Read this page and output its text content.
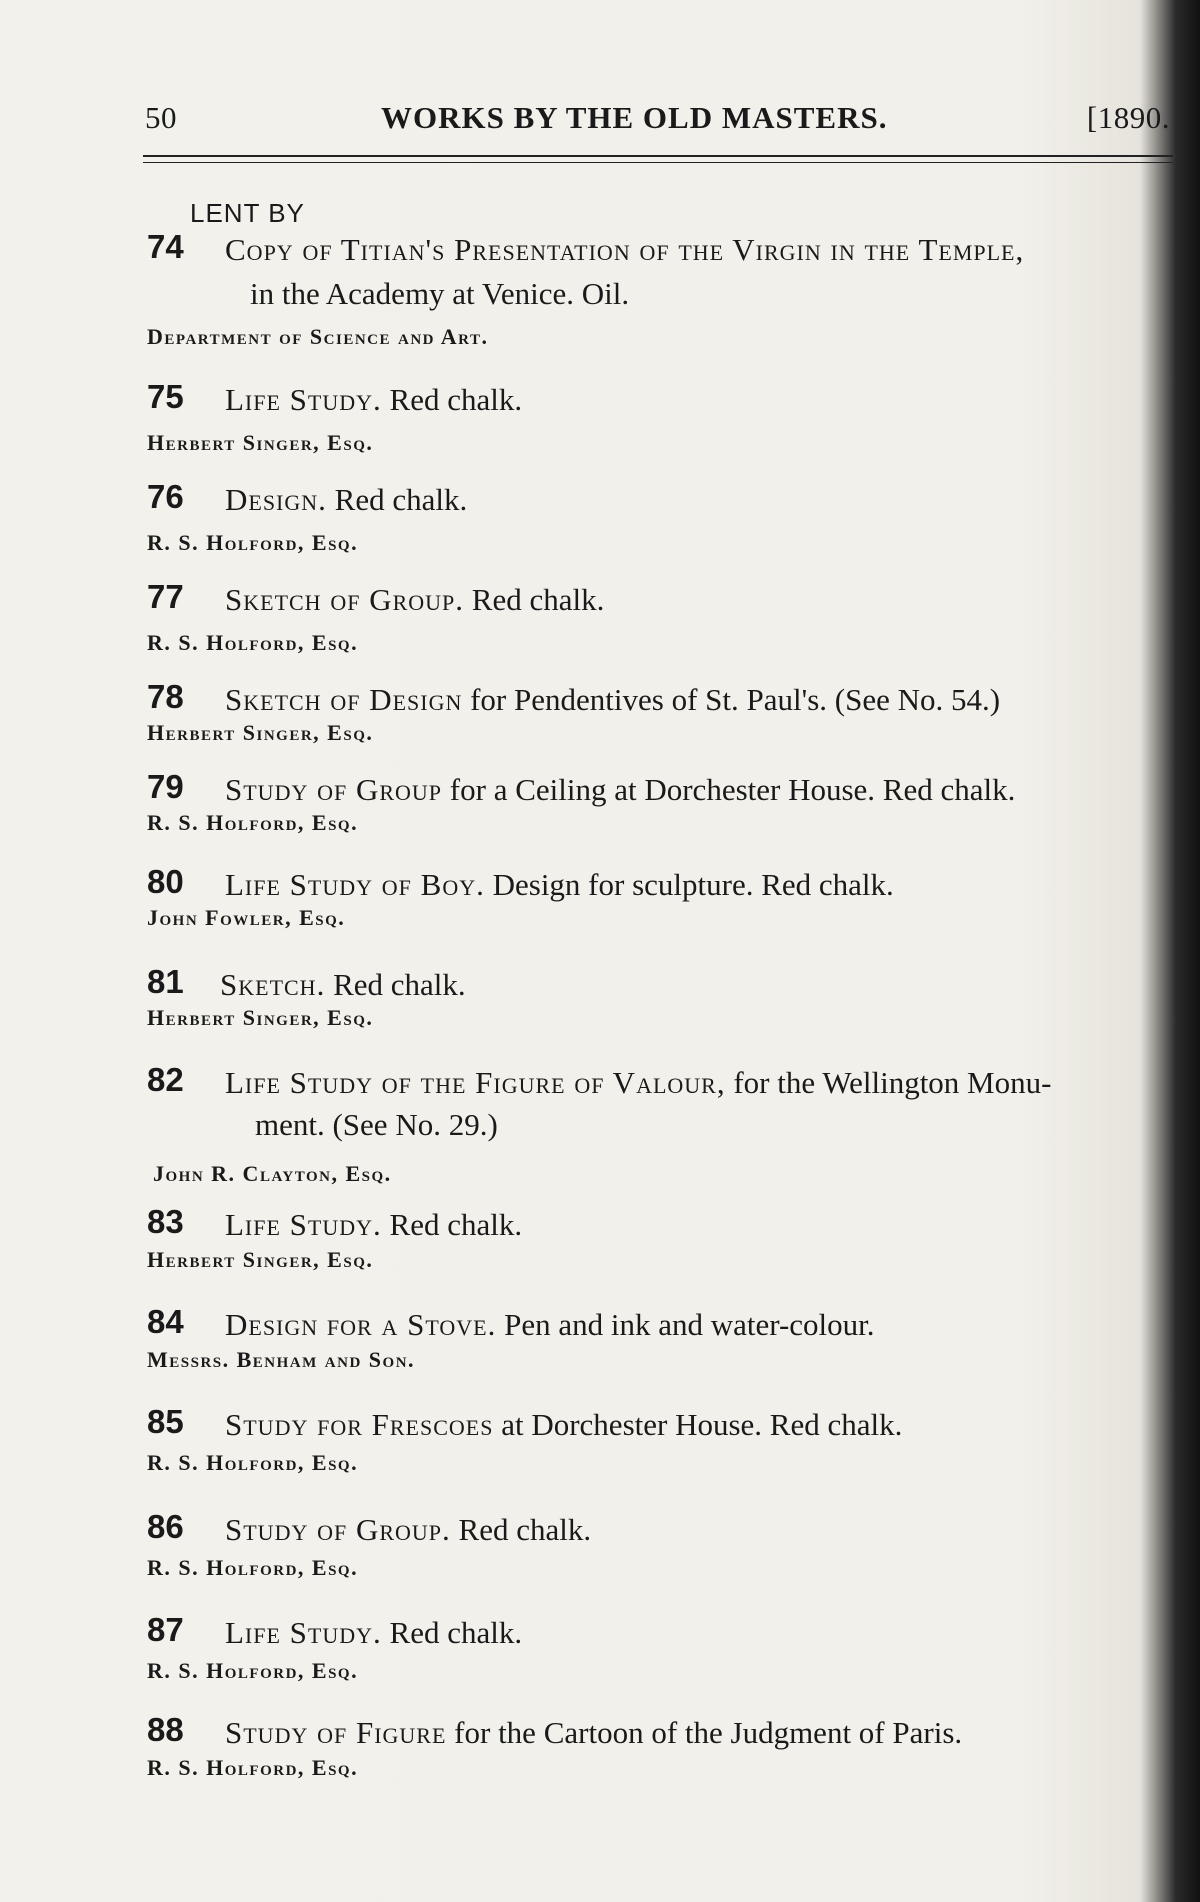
50	WORKS BY THE OLD MASTERS.	[1890.
LENT BY
74 Copy of Titian's Presentation of the Virgin in the Temple,
in the Academy at Venice. Oil.
Department of Science and Art.
75 Life Study. Red chalk.
Herbert Singer, Esq.
76 Design. Red chalk.
R. S. Holford, Esq.
77 Sketch of Group. Red chalk.
R. S. Holford, Esq.
78 Sketch of Design for Pendentives of St. Paul's. (See No. 54.)
Herbert Singer, Esq.
79 Study of Group for a Ceiling at Dorchester House. Red chalk.
R. S. Holford, Esq.
80 Life Study of Boy. Design for sculpture. Red chalk.
John Fowler, Esq.
81 Sketch. Red chalk.
Herbert Singer, Esq.
82 Life Study of the Figure of Valour, for the Wellington Monu-
ment. (See No. 29.)
John R. Clayton, Esq.
83 Life Study. Red chalk.
Herbert Singer, Esq.
84 Design for a Stove. Pen and ink and water-colour.
Messrs. Benham and Son.
85 Study for Frescoes at Dorchester House. Red chalk.
R. S. Holford, Esq.
86 Study of Group. Red chalk.
R. S. Holford, Esq.
87 Life Study. Red chalk.
R. S. Holford, Esq.
88 Study of Figure for the Cartoon of the Judgment of Paris.
R. S. Holford, Esq.
